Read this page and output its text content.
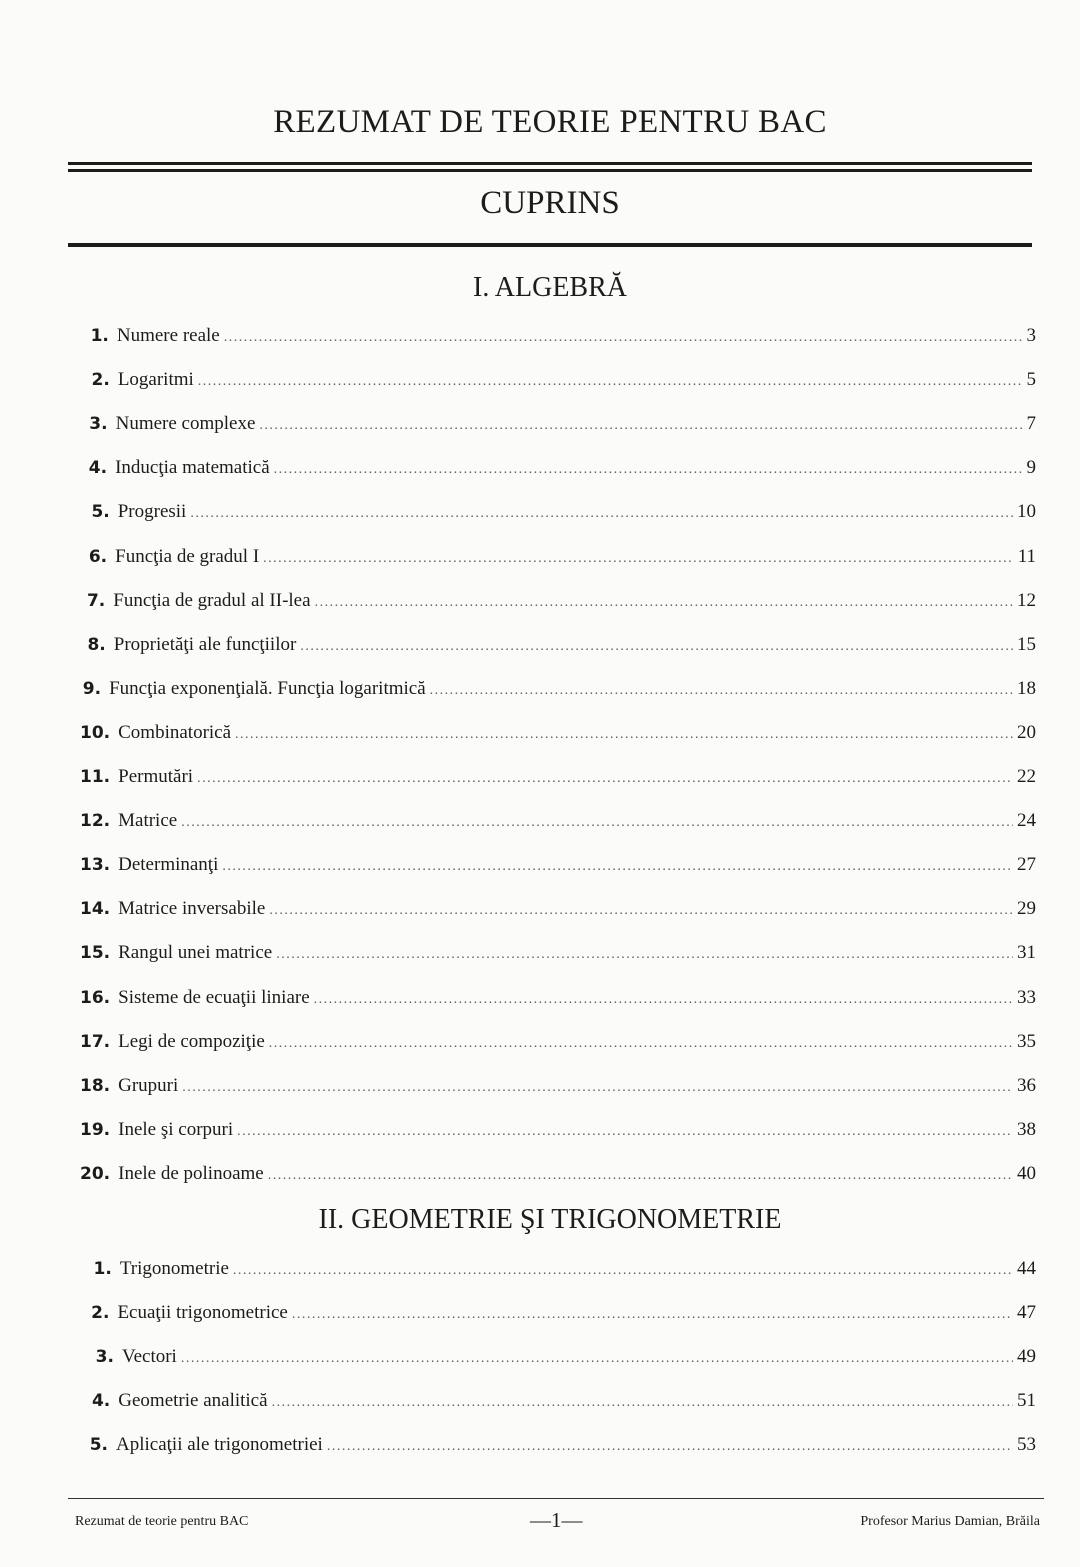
REZUMAT DE TEORIE PENTRU BAC
CUPRINS
I. ALGEBRĂ
1. Numere reale . . .	3
2. Logaritmi . . .	5
3. Numere complexe . . .	7
4. Inducţia matematică . . .	9
5. Progresii . . .	10
6. Funcţia de gradul I . . .	11
7. Funcţia de gradul al II-lea . . .	12
8. Proprietăţi ale funcţiilor . . .	15
9. Funcţia exponenţială. Funcţia logaritmică . . .	18
10. Combinatorică . . .	20
11. Permutări . . .	22
12. Matrice . . .	24
13. Determinanţi . . .	27
14. Matrice inversabile . . .	29
15. Rangul unei matrice . . .	31
16. Sisteme de ecuaţii liniare . . .	33
17. Legi de compoziţie . . .	35
18. Grupuri . . .	36
19. Inele şi corpuri . . .	38
20. Inele de polinoame . . .	40
II. GEOMETRIE ŞI TRIGONOMETRIE
1. Trigonometrie . . .	44
2. Ecuaţii trigonometrice . . .	47
3. Vectori . . .	49
4. Geometrie analitică . . .	51
5. Aplicaţii ale trigonometriei . . .	53
Rezumat de teorie pentru BAC	—1—	Profesor Marius Damian, Brăila
